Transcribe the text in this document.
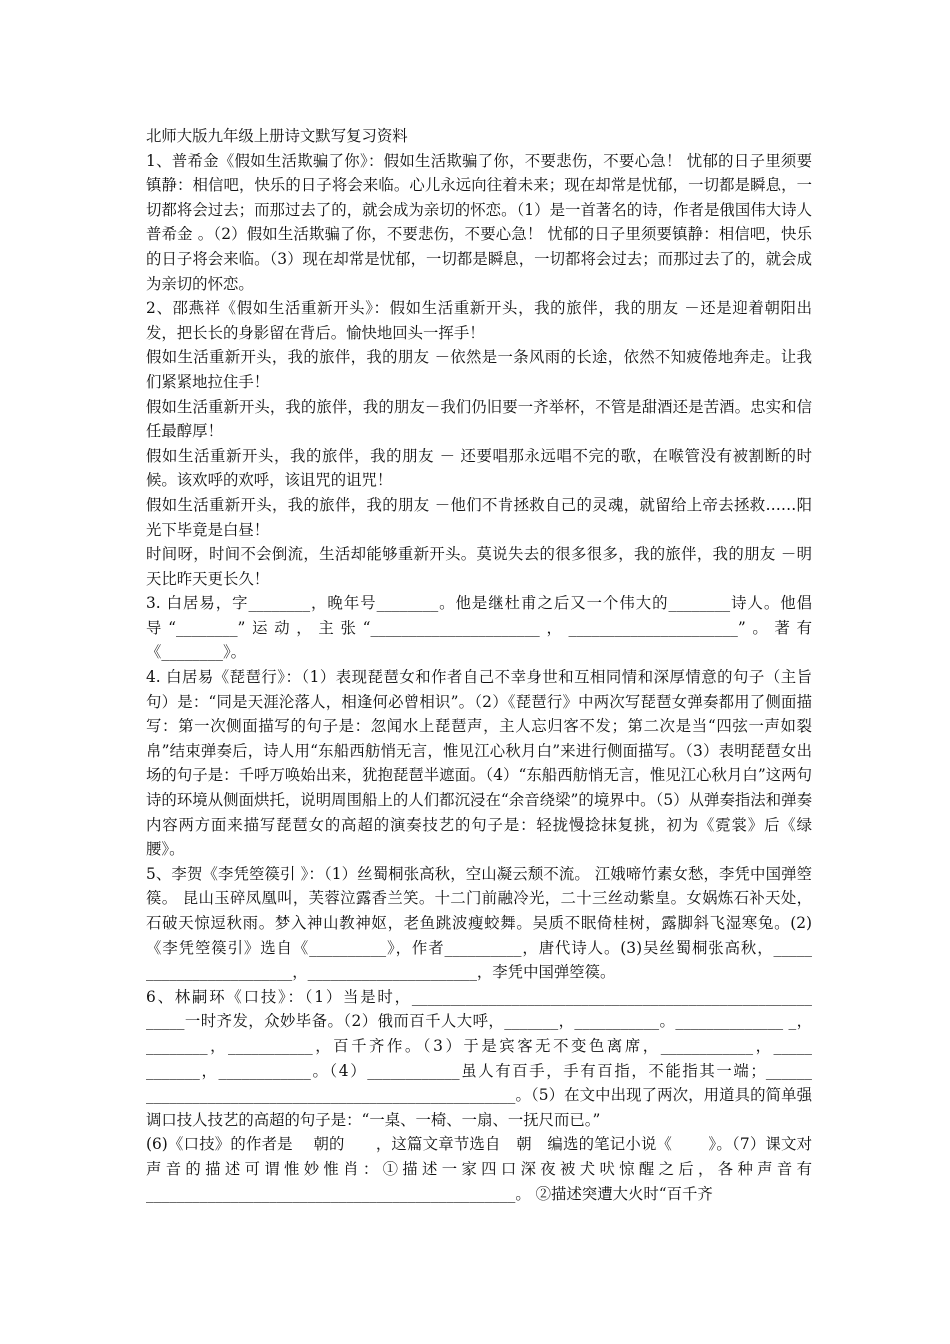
北师大版九年级上册诗文默写复习资料

1、普希金《假如生活欺骗了你》：假如生活欺骗了你，不要悲伤，不要心急！ 忧郁的日子里须要镇静：相信吧，快乐的日子将会来临。心儿永远向往着未来；现在却常是忧郁，一切都是瞬息，一切都将会过去；而那过去了的，就会成为亲切的怀恋。（1）是一首著名的诗，作者是俄国伟大诗人 普希金 。（2）假如生活欺骗了你，不要悲伤，不要心急！ 忧郁的日子里须要镇静：相信吧，快乐的日子将会来临。（3）现在却常是忧郁，一切都是瞬息，一切都将会过去；而那过去了的，就会成为亲切的怀恋。

2、邵燕祥《假如生活重新开头》：假如生活重新开头，我的旅伴，我的朋友 －还是迎着朝阳出发，把长长的身影留在背后。愉快地回头一挥手！

假如生活重新开头，我的旅伴，我的朋友 －依然是一条风雨的长途，依然不知疲倦地奔走。让我们紧紧地拉住手！

假如生活重新开头，我的旅伴，我的朋友－我们仍旧要一齐举杯，不管是甜酒还是苦酒。忠实和信任最醇厚！

假如生活重新开头，我的旅伴，我的朋友 － 还要唱那永远唱不完的歌，在喉管没有被割断的时候。该欢呼的欢呼，该诅咒的诅咒！

假如生活重新开头，我的旅伴，我的朋友 －他们不肯拯救自己的灵魂，就留给上帝去拯救……阳光下毕竟是白昼！

时间呀，时间不会倒流，生活却能够重新开头。莫说失去的很多很多，我的旅伴，我的朋友 －明天比昨天更长久！

3. 白居易，字________，晚年号________。他是继杜甫之后又一个伟大的________诗人。他倡导“________”运动，主张“______________________，______________________”。著有《________》。

4. 白居易《琵琶行》：（1）表现琵琶女和作者自己不幸身世和互相同情和深厚情意的句子（主旨句）是：“同是天涯沦落人，相逢何必曾相识”。（2）《琵琶行》中两次写琵琶女弹奏都用了侧面描写：第一次侧面描写的句子是：忽闻水上琵琶声，主人忘归客不发；第二次是当“四弦一声如裂帛”结束弹奏后，诗人用“东船西舫悄无言，惟见江心秋月白”来进行侧面描写。（3）表明琵琶女出场的句子是：千呼万唤始出来，犹抱琵琶半遮面。（4）“东船西舫悄无言，惟见江心秋月白”这两句诗的环境从侧面烘托，说明周围船上的人们都沉浸在“余音绕梁”的境界中。（5）从弹奏指法和弹奏内容两方面来描写琵琶女的高超的演奏技艺的句子是：轻拢慢捻抹复挑，初为《霓裳》后《绿腰》。

5、李贺《李凭箜篌引 》：（1）丝蜀桐张高秋，空山凝云颓不流。 江娥啼竹素女愁，李凭中国弹箜篌。 昆山玉碎凤凰叫，芙蓉泣露香兰笑。十二门前融冷光，二十三丝动紫皇。女娲炼石补天处，石破天惊逗秋雨。梦入神山教神妪，老鱼跳波瘦蛟舞。吴质不眠倚桂树，露脚斜飞湿寒兔。(2)《李凭箜篌引》选自《__________》，作者__________，唐代诗人。(3)吴丝蜀桐张高秋，_____ ___________________，______________________，李凭中国弹箜篌。

6、林嗣环《口技》：（1）当是时，____________________________________________________ _____一时齐发，众妙毕备。（2）俄而百千人大呼，_______，___________。______________ _，________，___________，百千齐作。（3）于是宾客无不变色离席，____________，_____ _______，____________。（4）____________虽人有百手，手有百指，不能指其一端；______ ________________________________________________。（5）在文中出现了两次，用道具的简单强调口技人技艺的高超的句子是：“一桌、一椅、一扇、一抚尺而已。”

(6)《口技》的作者是　 朝的　　，这篇文章节选自　朝　编选的笔记小说《　　 》。（7）课文对声音的描述可谓惟妙惟肖：①描述一家四口深夜被犬吠惊醒之后，各种声音有________________________________________________。 ②描述突遭大火时“百千齐
